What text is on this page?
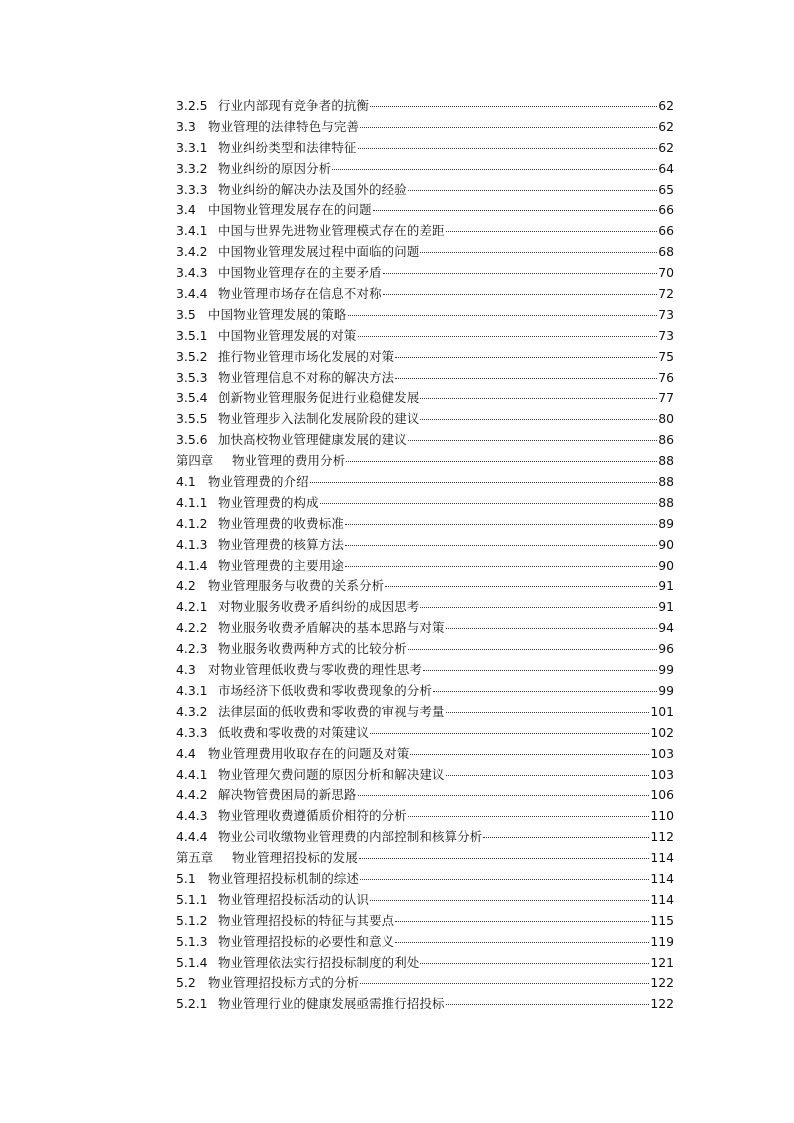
3.2.5 行业内部现有竞争者的抗衡	62
3.3 物业管理的法律特色与完善	62
3.3.1 物业纠纷类型和法律特征	62
3.3.2 物业纠纷的原因分析	64
3.3.3 物业纠纷的解决办法及国外的经验	65
3.4 中国物业管理发展存在的问题	66
3.4.1 中国与世界先进物业管理模式存在的差距	66
3.4.2 中国物业管理发展过程中面临的问题	68
3.4.3 中国物业管理存在的主要矛盾	70
3.4.4 物业管理市场存在信息不对称	72
3.5 中国物业管理发展的策略	73
3.5.1 中国物业管理发展的对策	73
3.5.2 推行物业管理市场化发展的对策	75
3.5.3 物业管理信息不对称的解决方法	76
3.5.4 创新物业管理服务促进行业稳健发展	77
3.5.5 物业管理步入法制化发展阶段的建议	80
3.5.6 加快高校物业管理健康发展的建议	86
第四章	物业管理的费用分析	88
4.1 物业管理费的介绍	88
4.1.1 物业管理费的构成	88
4.1.2 物业管理费的收费标准	89
4.1.3 物业管理费的核算方法	90
4.1.4 物业管理费的主要用途	90
4.2 物业管理服务与收费的关系分析	91
4.2.1 对物业服务收费矛盾纠纷的成因思考	91
4.2.2 物业服务收费矛盾解决的基本思路与对策	94
4.2.3 物业服务收费两种方式的比较分析	96
4.3 对物业管理低收费与零收费的理性思考	99
4.3.1 市场经济下低收费和零收费现象的分析	99
4.3.2 法律层面的低收费和零收费的审视与考量	101
4.3.3 低收费和零收费的对策建议	102
4.4 物业管理费用收取存在的问题及对策	103
4.4.1 物业管理欠费问题的原因分析和解决建议	103
4.4.2 解决物管费困局的新思路	106
4.4.3 物业管理收费遵循质价相符的分析	110
4.4.4 物业公司收缴物业管理费的内部控制和核算分析	112
第五章	物业管理招投标的发展	114
5.1 物业管理招投标机制的综述	114
5.1.1 物业管理招投标活动的认识	114
5.1.2 物业管理招投标的特征与其要点	115
5.1.3 物业管理招投标的必要性和意义	119
5.1.4 物业管理依法实行招投标制度的利处	121
5.2 物业管理招投标方式的分析	122
5.2.1 物业管理行业的健康发展亟需推行招投标	122
